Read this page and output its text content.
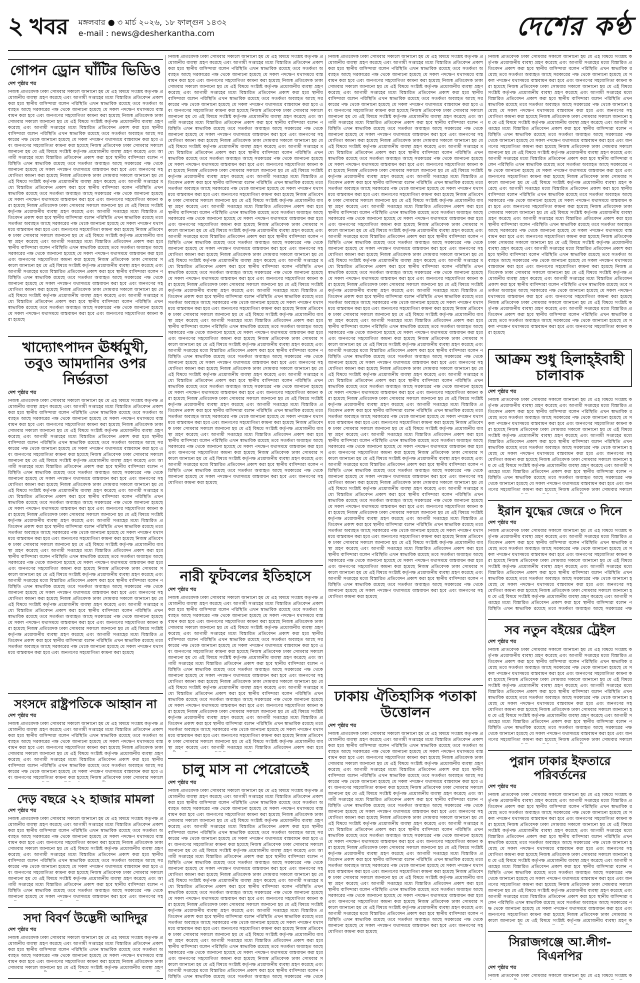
২ খবর মঙ্গলবার ● ৩ মার্চ ২০২৬, ১৮ ফাল্গুন ১৪৩২
e-mail : news@desherkantha.com	দেশের কণ্ঠ
গোপন ড্রোন ঘাঁটির ভিডিও
দেশ পৃষ্ঠার পর
নিজস্ব প্রতিবেদক ঢাকা সোমবার সকালে জানানো হয় যে এই বিষয়ে সংশ্লিষ্ট কর্তৃপক্ষ প্রয়োজনীয় ব্যবস্থা গ্রহণ করেছে এবং আগামী সপ্তাহের মধ্যে বিস্তারিত প্রতিবেদন প্রকাশ করা হবে স্থানীয় বাসিন্দারা বলেন পরিস্থিতি এখন স্বাভাবিক রয়েছে তবে সতর্কতা অব্যাহত আছে সরকারের পক্ষ থেকে জানানো হয়েছে যে সকল পদক্ষেপ যথাসময়ে বাস্তবায়ন করা হবে এবং জনগণের সহযোগিতা কামনা করা হয়েছে নিজস্ব প্রতিবেদক ঢাকা সোমবার সকালে জানানো হয় যে এই বিষয়ে সংশ্লিষ্ট কর্তৃপক্ষ প্রয়োজনীয় ব্যবস্থা গ্রহণ করেছে এবং আগামী সপ্তাহের মধ্যে বিস্তারিত প্রতিবেদন প্রকাশ করা হবে স্থানীয় বাসিন্দারা বলেন পরিস্থিতি এখন স্বাভাবিক রয়েছে তবে সতর্কতা অব্যাহত আছে সরকারের পক্ষ থেকে জানানো হয়েছে যে সকল পদক্ষেপ যথাসময়ে বাস্তবায়ন করা হবে এবং জনগণের সহযোগিতা কামনা করা হয়েছে নিজস্ব প্রতিবেদক ঢাকা সোমবার সকালে জানানো হয় যে এই বিষয়ে সংশ্লিষ্ট কর্তৃপক্ষ প্রয়োজনীয় ব্যবস্থা গ্রহণ করেছে এবং আগামী সপ্তাহের মধ্যে বিস্তারিত প্রতিবেদন প্রকাশ করা হবে স্থানীয় বাসিন্দারা বলেন পরিস্থিতি এখন স্বাভাবিক রয়েছে তবে সতর্কতা অব্যাহত আছে সরকারের পক্ষ থেকে জানানো হয়েছে যে সকল পদক্ষেপ যথাসময়ে বাস্তবায়ন করা হবে এবং জনগণের সহযোগিতা কামনা করা হয়েছে নিজস্ব প্রতিবেদক ঢাকা সোমবার সকালে জানানো হয় যে এই বিষয়ে সংশ্লিষ্ট কর্তৃপক্ষ প্রয়োজনীয় ব্যবস্থা গ্রহণ করেছে এবং আগামী সপ্তাহের মধ্যে বিস্তারিত প্রতিবেদন প্রকাশ করা হবে স্থানীয় বাসিন্দারা বলেন পরিস্থিতি এখন স্বাভাবিক রয়েছে তবে সতর্কতা অব্যাহত আছে সরকারের পক্ষ থেকে জানানো হয়েছে যে সকল পদক্ষেপ যথাসময়ে বাস্তবায়ন করা হবে এবং জনগণের সহযোগিতা কামনা করা হয়েছে নিজস্ব প্রতিবেদক ঢাকা সোমবার সকালে জানানো হয় যে এই বিষয়ে সংশ্লিষ্ট কর্তৃপক্ষ প্রয়োজনীয় ব্যবস্থা গ্রহণ করেছে এবং আগামী সপ্তাহের মধ্যে বিস্তারিত প্রতিবেদন প্রকাশ করা হবে স্থানীয় বাসিন্দারা বলেন পরিস্থিতি এখন স্বাভাবিক রয়েছে তবে সতর্কতা অব্যাহত আছে সরকারের পক্ষ থেকে জানানো হয়েছে যে সকল পদক্ষেপ যথাসময়ে বাস্তবায়ন করা হবে এবং জনগণের সহযোগিতা কামনা করা হয়েছে নিজস্ব প্রতিবেদক ঢাকা সোমবার সকালে জানানো হয় যে এই বিষয়ে সংশ্লিষ্ট কর্তৃপক্ষ প্রয়োজনীয় ব্যবস্থা গ্রহণ করেছে এবং আগামী সপ্তাহের মধ্যে বিস্তারিত প্রতিবেদন প্রকাশ করা হবে স্থানীয় বাসিন্দারা বলেন পরিস্থিতি এখন স্বাভাবিক রয়েছে তবে সতর্কতা অব্যাহত আছে সরকারের পক্ষ থেকে জানানো হয়েছে যে সকল পদক্ষেপ যথাসময়ে বাস্তবায়ন করা হবে এবং জনগণের সহযোগিতা কামনা করা হয়েছে নিজস্ব প্রতিবেদক ঢাকা সোমবার সকালে জানানো হয় যে এই বিষয়ে সংশ্লিষ্ট কর্তৃপক্ষ প্রয়োজনীয় ব্যবস্থা গ্রহণ করেছে এবং আগামী সপ্তাহের মধ্যে বিস্তারিত প্রতিবেদন প্রকাশ করা হবে স্থানীয় বাসিন্দারা বলেন পরিস্থিতি এখন স্বাভাবিক রয়েছে তবে সতর্কতা অব্যাহত আছে সরকারের পক্ষ থেকে জানানো হয়েছে যে সকল পদক্ষেপ যথাসময়ে বাস্তবায়ন করা হবে এবং জনগণের সহযোগিতা কামনা করা হয়েছে নিজস্ব প্রতিবেদক ঢাকা সোমবার সকালে জানানো হয় যে এই বিষয়ে সংশ্লিষ্ট কর্তৃপক্ষ প্রয়োজনীয় ব্যবস্থা গ্রহণ করেছে এবং আগামী সপ্তাহের মধ্যে বিস্তারিত প্রতিবেদন প্রকাশ করা হবে স্থানীয় বাসিন্দারা বলেন পরিস্থিতি এখন স্বাভাবিক রয়েছে তবে সতর্কতা অব্যাহত আছে সরকারের পক্ষ থেকে জানানো হয়েছে যে সকল পদক্ষেপ যথাসময়ে বাস্তবায়ন করা হবে এবং জনগণের সহযোগিতা কামনা করা হয়েছে
খাদ্যোৎপাদন ঊর্ধ্বমুখী, তবুও আমদানির ওপর নির্ভরতা
দেশ পৃষ্ঠার পর
নিজস্ব প্রতিবেদক ঢাকা সোমবার সকালে জানানো হয় যে এই বিষয়ে সংশ্লিষ্ট কর্তৃপক্ষ প্রয়োজনীয় ব্যবস্থা গ্রহণ করেছে এবং আগামী সপ্তাহের মধ্যে বিস্তারিত প্রতিবেদন প্রকাশ করা হবে স্থানীয় বাসিন্দারা বলেন পরিস্থিতি এখন স্বাভাবিক রয়েছে তবে সতর্কতা অব্যাহত আছে সরকারের পক্ষ থেকে জানানো হয়েছে যে সকল পদক্ষেপ যথাসময়ে বাস্তবায়ন করা হবে এবং জনগণের সহযোগিতা কামনা করা হয়েছে নিজস্ব প্রতিবেদক ঢাকা সোমবার সকালে জানানো হয় যে এই বিষয়ে সংশ্লিষ্ট কর্তৃপক্ষ প্রয়োজনীয় ব্যবস্থা গ্রহণ করেছে এবং আগামী সপ্তাহের মধ্যে বিস্তারিত প্রতিবেদন প্রকাশ করা হবে স্থানীয় বাসিন্দারা বলেন পরিস্থিতি এখন স্বাভাবিক রয়েছে তবে সতর্কতা অব্যাহত আছে সরকারের পক্ষ থেকে জানানো হয়েছে যে সকল পদক্ষেপ যথাসময়ে বাস্তবায়ন করা হবে এবং জনগণের সহযোগিতা কামনা করা হয়েছে নিজস্ব প্রতিবেদক ঢাকা সোমবার সকালে জানানো হয় যে এই বিষয়ে সংশ্লিষ্ট কর্তৃপক্ষ প্রয়োজনীয় ব্যবস্থা গ্রহণ করেছে এবং আগামী সপ্তাহের মধ্যে বিস্তারিত প্রতিবেদন প্রকাশ করা হবে স্থানীয় বাসিন্দারা বলেন পরিস্থিতি এখন স্বাভাবিক রয়েছে তবে সতর্কতা অব্যাহত আছে সরকারের পক্ষ থেকে জানানো হয়েছে যে সকল পদক্ষেপ যথাসময়ে বাস্তবায়ন করা হবে এবং জনগণের সহযোগিতা কামনা করা হয়েছে নিজস্ব প্রতিবেদক ঢাকা সোমবার সকালে জানানো হয় যে এই বিষয়ে সংশ্লিষ্ট কর্তৃপক্ষ প্রয়োজনীয় ব্যবস্থা গ্রহণ করেছে এবং আগামী সপ্তাহের মধ্যে বিস্তারিত প্রতিবেদন প্রকাশ করা হবে স্থানীয় বাসিন্দারা বলেন পরিস্থিতি এখন স্বাভাবিক রয়েছে তবে সতর্কতা অব্যাহত আছে সরকারের পক্ষ থেকে জানানো হয়েছে যে সকল পদক্ষেপ যথাসময়ে বাস্তবায়ন করা হবে এবং জনগণের সহযোগিতা কামনা করা হয়েছে নিজস্ব প্রতিবেদক ঢাকা সোমবার সকালে জানানো হয় যে এই বিষয়ে সংশ্লিষ্ট কর্তৃপক্ষ প্রয়োজনীয় ব্যবস্থা গ্রহণ করেছে এবং আগামী সপ্তাহের মধ্যে বিস্তারিত প্রতিবেদন প্রকাশ করা হবে স্থানীয় বাসিন্দারা বলেন পরিস্থিতি এখন স্বাভাবিক রয়েছে তবে সতর্কতা অব্যাহত আছে সরকারের পক্ষ থেকে জানানো হয়েছে যে সকল পদক্ষেপ যথাসময়ে বাস্তবায়ন করা হবে এবং জনগণের সহযোগিতা কামনা করা হয়েছে নিজস্ব প্রতিবেদক ঢাকা সোমবার সকালে জানানো হয় যে এই বিষয়ে সংশ্লিষ্ট কর্তৃপক্ষ প্রয়োজনীয় ব্যবস্থা গ্রহণ করেছে এবং আগামী সপ্তাহের মধ্যে বিস্তারিত প্রতিবেদন প্রকাশ করা হবে স্থানীয় বাসিন্দারা বলেন পরিস্থিতি এখন স্বাভাবিক রয়েছে তবে সতর্কতা অব্যাহত আছে সরকারের পক্ষ থেকে জানানো হয়েছে যে সকল পদক্ষেপ যথাসময়ে বাস্তবায়ন করা হবে এবং জনগণের সহযোগিতা কামনা করা হয়েছে নিজস্ব প্রতিবেদক ঢাকা সোমবার সকালে জানানো হয় যে এই বিষয়ে সংশ্লিষ্ট কর্তৃপক্ষ প্রয়োজনীয় ব্যবস্থা গ্রহণ করেছে এবং আগামী সপ্তাহের মধ্যে বিস্তারিত প্রতিবেদন প্রকাশ করা হবে স্থানীয় বাসিন্দারা বলেন পরিস্থিতি এখন স্বাভাবিক রয়েছে তবে সতর্কতা অব্যাহত আছে সরকারের পক্ষ থেকে জানানো হয়েছে যে সকল পদক্ষেপ যথাসময়ে বাস্তবায়ন করা হবে এবং জনগণের সহযোগিতা কামনা করা হয়েছে নিজস্ব প্রতিবেদক ঢাকা সোমবার সকালে জানানো হয় যে এই বিষয়ে সংশ্লিষ্ট কর্তৃপক্ষ প্রয়োজনীয় ব্যবস্থা গ্রহণ করেছে এবং আগামী সপ্তাহের মধ্যে বিস্তারিত প্রতিবেদন প্রকাশ করা হবে স্থানীয় বাসিন্দারা বলেন পরিস্থিতি এখন স্বাভাবিক রয়েছে তবে সতর্কতা অব্যাহত আছে সরকারের পক্ষ থেকে জানানো হয়েছে যে সকল পদক্ষেপ যথাসময়ে বাস্তবায়ন করা হবে এবং জনগণের সহযোগিতা কামনা করা হয়েছে নিজস্ব প্রতিবেদক ঢাকা সোমবার সকালে জানানো হয় যে এই বিষয়ে সংশ্লিষ্ট কর্তৃপক্ষ প্রয়োজনীয় ব্যবস্থা গ্রহণ করেছে এবং আগামী সপ্তাহের মধ্যে বিস্তারিত প্রতিবেদন প্রকাশ করা হবে স্থানীয় বাসিন্দারা বলেন পরিস্থিতি এখন স্বাভাবিক রয়েছে তবে সতর্কতা অব্যাহত আছে সরকারের পক্ষ থেকে জানানো হয়েছে যে সকল পদক্ষেপ যথাসময়ে বাস্তবায়ন করা হবে এবং জনগণের সহযোগিতা কামনা করা হয়েছে
সংসদে রাষ্ট্রপতিকে আহ্বান না
দেশ পৃষ্ঠার পর
নিজস্ব প্রতিবেদক ঢাকা সোমবার সকালে জানানো হয় যে এই বিষয়ে সংশ্লিষ্ট কর্তৃপক্ষ প্রয়োজনীয় ব্যবস্থা গ্রহণ করেছে এবং আগামী সপ্তাহের মধ্যে বিস্তারিত প্রতিবেদন প্রকাশ করা হবে স্থানীয় বাসিন্দারা বলেন পরিস্থিতি এখন স্বাভাবিক রয়েছে তবে সতর্কতা অব্যাহত আছে সরকারের পক্ষ থেকে জানানো হয়েছে যে সকল পদক্ষেপ যথাসময়ে বাস্তবায়ন করা হবে এবং জনগণের সহযোগিতা কামনা করা হয়েছে নিজস্ব প্রতিবেদক ঢাকা সোমবার সকালে জানানো হয় যে এই বিষয়ে সংশ্লিষ্ট কর্তৃপক্ষ প্রয়োজনীয় ব্যবস্থা গ্রহণ করেছে এবং আগামী সপ্তাহের মধ্যে বিস্তারিত প্রতিবেদন প্রকাশ করা হবে স্থানীয় বাসিন্দারা বলেন পরিস্থিতি এখন স্বাভাবিক রয়েছে তবে সতর্কতা অব্যাহত আছে সরকারের পক্ষ থেকে জানানো হয়েছে যে সকল পদক্ষেপ যথাসময়ে বাস্তবায়ন করা হবে এবং জনগণের সহযোগিতা কামনা করা হয়েছে নিজস্ব প্রতিবেদক ঢাকা সোমবার সকালে
দেড় বছরে ২২ হাজার মামলা
দেশ পৃষ্ঠার পর
নিজস্ব প্রতিবেদক ঢাকা সোমবার সকালে জানানো হয় যে এই বিষয়ে সংশ্লিষ্ট কর্তৃপক্ষ প্রয়োজনীয় ব্যবস্থা গ্রহণ করেছে এবং আগামী সপ্তাহের মধ্যে বিস্তারিত প্রতিবেদন প্রকাশ করা হবে স্থানীয় বাসিন্দারা বলেন পরিস্থিতি এখন স্বাভাবিক রয়েছে তবে সতর্কতা অব্যাহত আছে সরকারের পক্ষ থেকে জানানো হয়েছে যে সকল পদক্ষেপ যথাসময়ে বাস্তবায়ন করা হবে এবং জনগণের সহযোগিতা কামনা করা হয়েছে নিজস্ব প্রতিবেদক ঢাকা সোমবার সকালে জানানো হয় যে এই বিষয়ে সংশ্লিষ্ট কর্তৃপক্ষ প্রয়োজনীয় ব্যবস্থা গ্রহণ করেছে এবং আগামী সপ্তাহের মধ্যে বিস্তারিত প্রতিবেদন প্রকাশ করা হবে স্থানীয় বাসিন্দারা বলেন পরিস্থিতি এখন স্বাভাবিক রয়েছে তবে সতর্কতা অব্যাহত আছে সরকারের পক্ষ থেকে জানানো হয়েছে যে সকল পদক্ষেপ যথাসময়ে বাস্তবায়ন করা হবে এবং জনগণের সহযোগিতা কামনা করা হয়েছে নিজস্ব প্রতিবেদক ঢাকা সোমবার সকালে জানানো হয় যে এই বিষয়ে সংশ্লিষ্ট কর্তৃপক্ষ প্রয়োজনীয় ব্যবস্থা গ্রহণ করেছে এবং আগামী সপ্তাহের মধ্যে বিস্তারিত প্রতিবেদন প্রকাশ করা হবে স্থানীয় বাসিন্দারা বলেন পরিস্থিতি এখন স্বাভাবিক রয়েছে তবে সতর্কতা অব্যাহত আছে সরকারের পক্ষ থেকে জানানো হয়েছে যে সকল পদক্ষেপ যথাসময়ে বাস্তবায়ন করা হবে এবং জনগণের সহ
সদা বিবর্ণ উদ্ভেদী আদিদুর
দেশ পৃষ্ঠার পর
নিজস্ব প্রতিবেদক ঢাকা সোমবার সকালে জানানো হয় যে এই বিষয়ে সংশ্লিষ্ট কর্তৃপক্ষ প্রয়োজনীয় ব্যবস্থা গ্রহণ করেছে এবং আগামী সপ্তাহের মধ্যে বিস্তারিত প্রতিবেদন প্রকাশ করা হবে স্থানীয় বাসিন্দারা বলেন পরিস্থিতি এখন স্বাভাবিক রয়েছে তবে সতর্কতা অব্যাহত আছে সরকারের পক্ষ থেকে জানানো হয়েছে যে সকল পদক্ষেপ যথাসময়ে বাস্তবায়ন করা হবে এবং জনগণের সহযোগিতা কামনা করা হয়েছে নিজস্ব প্রতিবেদক ঢাকা সোমবার সকালে জানানো হয় যে এই বিষয়ে সংশ্লিষ্ট কর্তৃপক্ষ প্রয়োজনীয় ব্যবস্থা গ্রহণ
নিজস্ব প্রতিবেদক ঢাকা সোমবার সকালে জানানো হয় যে এই বিষয়ে সংশ্লিষ্ট কর্তৃপক্ষ প্রয়োজনীয় ব্যবস্থা গ্রহণ করেছে এবং আগামী সপ্তাহের মধ্যে বিস্তারিত প্রতিবেদন প্রকাশ করা হবে স্থানীয় বাসিন্দারা বলেন পরিস্থিতি এখন স্বাভাবিক রয়েছে তবে সতর্কতা অব্যাহত আছে সরকারের পক্ষ থেকে জানানো হয়েছে যে সকল পদক্ষেপ যথাসময়ে বাস্তবায়ন করা হবে এবং জনগণের সহযোগিতা কামনা করা হয়েছে নিজস্ব প্রতিবেদক ঢাকা সোমবার সকালে জানানো হয় যে এই বিষয়ে সংশ্লিষ্ট কর্তৃপক্ষ প্রয়োজনীয় ব্যবস্থা গ্রহণ করেছে এবং আগামী সপ্তাহের মধ্যে বিস্তারিত প্রতিবেদন প্রকাশ করা হবে স্থানীয় বাসিন্দারা বলেন পরিস্থিতি এখন স্বাভাবিক রয়েছে তবে সতর্কতা অব্যাহত আছে সরকারের পক্ষ থেকে জানানো হয়েছে যে সকল পদক্ষেপ যথাসময়ে বাস্তবায়ন করা হবে এবং জনগণের সহযোগিতা কামনা করা হয়েছে নিজস্ব প্রতিবেদক ঢাকা সোমবার সকালে জানানো হয় যে এই বিষয়ে সংশ্লিষ্ট কর্তৃপক্ষ প্রয়োজনীয় ব্যবস্থা গ্রহণ করেছে এবং আগামী সপ্তাহের মধ্যে বিস্তারিত প্রতিবেদন প্রকাশ করা হবে স্থানীয় বাসিন্দারা বলেন পরিস্থিতি এখন স্বাভাবিক রয়েছে তবে সতর্কতা অব্যাহত আছে সরকারের পক্ষ থেকে জানানো হয়েছে যে সকল পদক্ষেপ যথাসময়ে বাস্তবায়ন করা হবে এবং জনগণের সহযোগিতা কামনা করা হয়েছে নিজস্ব প্রতিবেদক ঢাকা সোমবার সকালে জানানো হয় যে এই বিষয়ে সংশ্লিষ্ট কর্তৃপক্ষ প্রয়োজনীয় ব্যবস্থা গ্রহণ করেছে এবং আগামী সপ্তাহের মধ্যে বিস্তারিত প্রতিবেদন প্রকাশ করা হবে স্থানীয় বাসিন্দারা বলেন পরিস্থিতি এখন স্বাভাবিক রয়েছে তবে সতর্কতা অব্যাহত আছে সরকারের পক্ষ থেকে জানানো হয়েছে যে সকল পদক্ষেপ যথাসময়ে বাস্তবায়ন করা হবে এবং জনগণের সহযোগিতা কামনা করা হয়েছে নিজস্ব প্রতিবেদক ঢাকা সোমবার সকালে জানানো হয় যে এই বিষয়ে সংশ্লিষ্ট কর্তৃপক্ষ প্রয়োজনীয় ব্যবস্থা গ্রহণ করেছে এবং আগামী সপ্তাহের মধ্যে বিস্তারিত প্রতিবেদন প্রকাশ করা হবে স্থানীয় বাসিন্দারা বলেন পরিস্থিতি এখন স্বাভাবিক রয়েছে তবে সতর্কতা অব্যাহত আছে সরকারের পক্ষ থেকে জানানো হয়েছে যে সকল পদক্ষেপ যথাসময়ে বাস্তবায়ন করা হবে এবং জনগণের সহযোগিতা কামনা করা হয়েছে নিজস্ব প্রতিবেদক ঢাকা সোমবার সকালে জানানো হয় যে এই বিষয়ে সংশ্লিষ্ট কর্তৃপক্ষ প্রয়োজনীয় ব্যবস্থা গ্রহণ করেছে এবং আগামী সপ্তাহের মধ্যে বিস্তারিত প্রতিবেদন প্রকাশ করা হবে স্থানীয় বাসিন্দারা বলেন পরিস্থিতি এখন স্বাভাবিক রয়েছে তবে সতর্কতা অব্যাহত আছে সরকারের পক্ষ থেকে জানানো হয়েছে যে সকল পদক্ষেপ যথাসময়ে বাস্তবায়ন করা হবে এবং জনগণের সহযোগিতা কামনা করা হয়েছে নিজস্ব প্রতিবেদক ঢাকা সোমবার সকালে জানানো হয় যে এই বিষয়ে সংশ্লিষ্ট কর্তৃপক্ষ প্রয়োজনীয় ব্যবস্থা গ্রহণ করেছে এবং আগামী সপ্তাহের মধ্যে বিস্তারিত প্রতিবেদন প্রকাশ করা হবে স্থানীয় বাসিন্দারা বলেন পরিস্থিতি এখন স্বাভাবিক রয়েছে তবে সতর্কতা অব্যাহত আছে সরকারের পক্ষ থেকে জানানো হয়েছে যে সকল পদক্ষেপ যথাসময়ে বাস্তবায়ন করা হবে এবং জনগণের সহযোগিতা কামনা করা হয়েছে নিজস্ব প্রতিবেদক ঢাকা সোমবার সকালে জানানো হয় যে এই বিষয়ে সংশ্লিষ্ট কর্তৃপক্ষ প্রয়োজনীয় ব্যবস্থা গ্রহণ করেছে এবং আগামী সপ্তাহের মধ্যে বিস্তারিত প্রতিবেদন প্রকাশ করা হবে স্থানীয় বাসিন্দারা বলেন পরিস্থিতি এখন স্বাভাবিক রয়েছে তবে সতর্কতা অব্যাহত আছে সরকারের পক্ষ থেকে জানানো হয়েছে যে সকল পদক্ষেপ যথাসময়ে বাস্তবায়ন করা হবে এবং জনগণের সহযোগিতা কামনা করা হয়েছে নিজস্ব প্রতিবেদক ঢাকা সোমবার সকালে জানানো হয় যে এই বিষয়ে সংশ্লিষ্ট কর্তৃপক্ষ প্রয়োজনীয় ব্যবস্থা গ্রহণ করেছে এবং আগামী সপ্তাহের মধ্যে বিস্তারিত প্রতিবেদন প্রকাশ করা হবে স্থানীয় বাসিন্দারা বলেন পরিস্থিতি এখন স্বাভাবিক রয়েছে তবে সতর্কতা অব্যাহত আছে সরকারের পক্ষ থেকে জানানো হয়েছে যে সকল পদক্ষেপ যথাসময়ে বাস্তবায়ন করা হবে এবং জনগণের সহযোগিতা কামনা করা হয়েছে নিজস্ব প্রতিবেদক ঢাকা সোমবার সকালে জানানো হয় যে এই বিষয়ে সংশ্লিষ্ট কর্তৃপক্ষ প্রয়োজনীয় ব্যবস্থা গ্রহণ করেছে এবং আগামী সপ্তাহের মধ্যে বিস্তারিত প্রতিবেদন প্রকাশ করা হবে স্থানীয় বাসিন্দারা বলেন পরিস্থিতি এখন স্বাভাবিক রয়েছে তবে সতর্কতা অব্যাহত আছে সরকারের পক্ষ থেকে জানানো হয়েছে যে সকল পদক্ষেপ যথাসময়ে বাস্তবায়ন করা হবে এবং জনগণের সহযোগিতা কামনা করা হয়েছে নিজস্ব প্রতিবেদক ঢাকা সোমবার সকালে জানানো হয় যে এই বিষয়ে সংশ্লিষ্ট কর্তৃপক্ষ প্রয়োজনীয় ব্যবস্থা গ্রহণ করেছে এবং আগামী সপ্তাহের মধ্যে বিস্তারিত প্রতিবেদন প্রকাশ করা হবে স্থানীয় বাসিন্দারা বলেন পরিস্থিতি এখন স্বাভাবিক রয়েছে তবে সতর্কতা অব্যাহত আছে সরকারের পক্ষ থেকে জানানো হয়েছে যে সকল পদক্ষেপ যথাসময়ে বাস্তবায়ন করা হবে এবং জনগণের সহযোগিতা কামনা করা হয়েছে নিজস্ব প্রতিবেদক ঢাকা সোমবার সকালে জানানো হয় যে এই বিষয়ে সংশ্লিষ্ট কর্তৃপক্ষ প্রয়োজনীয় ব্যবস্থা গ্রহণ করেছে এবং আগামী সপ্তাহের মধ্যে বিস্তারিত প্রতিবেদন প্রকাশ করা হবে স্থানীয় বাসিন্দারা বলেন পরিস্থিতি এখন স্বাভাবিক রয়েছে তবে সতর্কতা অব্যাহত আছে সরকারের পক্ষ থেকে জানানো হয়েছে যে সকল পদক্ষেপ যথাসময়ে বাস্তবায়ন করা হবে এবং জনগণের সহযোগিতা কামনা করা হয়েছে নিজস্ব প্রতিবেদক ঢাকা সোমবার সকালে জানানো হয় যে এই বিষয়ে সংশ্লিষ্ট কর্তৃপক্ষ প্রয়োজনীয় ব্যবস্থা গ্রহণ করেছে এবং আগামী সপ্তাহের মধ্যে বিস্তারিত প্রতিবেদন প্রকাশ করা হবে স্থানীয় বাসিন্দারা বলেন পরিস্থিতি এখন স্বাভাবিক রয়েছে তবে সতর্কতা অব্যাহত আছে সরকারের পক্ষ থেকে জানানো হয়েছে যে সকল পদক্ষেপ যথাসময়ে বাস্তবায়ন করা হবে এবং জনগণের সহযোগিতা কামনা করা হয়েছে নিজস্ব প্রতিবেদক ঢাকা সোমবার সকালে জানানো হয় যে এই বিষয়ে সংশ্লিষ্ট কর্তৃপক্ষ প্রয়োজনীয় ব্যবস্থা গ্রহণ করেছে এবং আগামী সপ্তাহের মধ্যে বিস্তারিত প্রতিবেদন প্রকাশ করা হবে স্থানীয় বাসিন্দারা বলেন পরিস্থিতি এখন স্বাভাবিক রয়েছে তবে সতর্কতা অব্যাহত আছে সরকারের পক্ষ থেকে জানানো হয়েছে যে সকল পদক্ষেপ যথাসময়ে বাস্তবায়ন করা হবে এবং জনগণের সহযোগিতা কামনা করা হয়েছে নিজস্ব প্রতিবেদক ঢাকা সোমবার সকালে জানানো হয় যে এই বিষয়ে সংশ্লিষ্ট কর্তৃপক্ষ প্রয়োজনীয় ব্যবস্থা গ্রহণ করেছে এবং আগামী সপ্তাহের মধ্যে বিস্তারিত প্রতিবেদন প্রকাশ করা হবে স্থানীয় বাসিন্দারা বলেন পরিস্থিতি এখন স্বাভাবিক রয়েছে তবে সতর্কতা অব্যাহত আছে সরকারের পক্ষ থেকে জানানো হয়েছে যে সকল পদক্ষেপ যথাসময়ে বাস্তবায়ন করা হবে এবং জনগণের সহযোগিতা কামনা করা হয়েছে
নারী ফুটবলের ইতিহাসে
দেশ পৃষ্ঠার পর
নিজস্ব প্রতিবেদক ঢাকা সোমবার সকালে জানানো হয় যে এই বিষয়ে সংশ্লিষ্ট কর্তৃপক্ষ প্রয়োজনীয় ব্যবস্থা গ্রহণ করেছে এবং আগামী সপ্তাহের মধ্যে বিস্তারিত প্রতিবেদন প্রকাশ করা হবে স্থানীয় বাসিন্দারা বলেন পরিস্থিতি এখন স্বাভাবিক রয়েছে তবে সতর্কতা অব্যাহত আছে সরকারের পক্ষ থেকে জানানো হয়েছে যে সকল পদক্ষেপ যথাসময়ে বাস্তবায়ন করা হবে এবং জনগণের সহযোগিতা কামনা করা হয়েছে নিজস্ব প্রতিবেদক ঢাকা সোমবার সকালে জানানো হয় যে এই বিষয়ে সংশ্লিষ্ট কর্তৃপক্ষ প্রয়োজনীয় ব্যবস্থা গ্রহণ করেছে এবং আগামী সপ্তাহের মধ্যে বিস্তারিত প্রতিবেদন প্রকাশ করা হবে স্থানীয় বাসিন্দারা বলেন পরিস্থিতি এখন স্বাভাবিক রয়েছে তবে সতর্কতা অব্যাহত আছে সরকারের পক্ষ থেকে জানানো হয়েছে যে সকল পদক্ষেপ যথাসময়ে বাস্তবায়ন করা হবে এবং জনগণের সহযোগিতা কামনা করা হয়েছে নিজস্ব প্রতিবেদক ঢাকা সোমবার সকালে জানানো হয় যে এই বিষয়ে সংশ্লিষ্ট কর্তৃপক্ষ প্রয়োজনীয় ব্যবস্থা গ্রহণ করেছে এবং আগামী সপ্তাহের মধ্যে বিস্তারিত প্রতিবেদন প্রকাশ করা হবে স্থানীয় বাসিন্দারা বলেন পরিস্থিতি এখন স্বাভাবিক রয়েছে তবে সতর্কতা অব্যাহত আছে সরকারের পক্ষ থেকে জানানো হয়েছে যে সকল পদক্ষেপ যথাসময়ে বাস্তবায়ন করা হবে এবং জনগণের সহযোগিতা কামনা করা হয়েছে নিজস্ব প্রতিবেদক ঢাকা সোমবার সকালে জানানো হয় যে এই বিষয়ে সংশ্লিষ্ট কর্তৃপক্ষ প্রয়োজনীয় ব্যবস্থা গ্রহণ করেছে এবং আগামী সপ্তাহের মধ্যে বিস্তারিত প্রতিবেদন প্রকাশ করা হবে স্থানীয় বাসিন্দারা বলেন পরিস্থিতি এখন স্বাভাবিক রয়েছে তবে সতর্কতা অব্যাহত আছে সরকারের পক্ষ থেকে জানানো হয়েছে যে সকল পদক্ষেপ যথাসময়ে বাস্তবায়ন করা হবে এবং জনগণের সহযোগিতা কামনা করা হয়েছে নিজস্ব প্রতিবেদক ঢাকা সোমবার সকালে জানানো হয় যে এই বিষয়ে সংশ্লিষ্ট কর্তৃপক্ষ প্রয়োজনীয় ব্যবস্থা গ্রহণ করেছে এবং আগামী সপ্তাহের মধ্যে বিস্তারিত প্রতিবেদন প্রকাশ করা হবে স্থানীয় বাসিন্দারা বলেন পরিস্থিতি এখন স্বাভাবিক রয়েছে তবে সতর্কতা অব্যাহত আছে সরকারের পক্ষ থেকে জানানো হয়েছে যে সকল পদক্ষেপ যথাসময়ে বাস্তবায়ন করা হবে এবং জনগণের সহযোগিতা কামনা করা হয়েছে নিজস্ব প্রতিবেদক ঢাকা সোমবার সকালে জানানো হয় যে এই বিষয়ে সংশ্লিষ্ট কর্তৃপক্ষ প্রয়োজনীয় ব্যবস্থা গ্রহণ করেছে এবং আগামী সপ্তাহের মধ্যে বিস্তারিত প্রতিবেদন প্রকাশ করা হবে
চালু মাস না পেরোতেই
দেশ পৃষ্ঠার পর
নিজস্ব প্রতিবেদক ঢাকা সোমবার সকালে জানানো হয় যে এই বিষয়ে সংশ্লিষ্ট কর্তৃপক্ষ প্রয়োজনীয় ব্যবস্থা গ্রহণ করেছে এবং আগামী সপ্তাহের মধ্যে বিস্তারিত প্রতিবেদন প্রকাশ করা হবে স্থানীয় বাসিন্দারা বলেন পরিস্থিতি এখন স্বাভাবিক রয়েছে তবে সতর্কতা অব্যাহত আছে সরকারের পক্ষ থেকে জানানো হয়েছে যে সকল পদক্ষেপ যথাসময়ে বাস্তবায়ন করা হবে এবং জনগণের সহযোগিতা কামনা করা হয়েছে নিজস্ব প্রতিবেদক ঢাকা সোমবার সকালে জানানো হয় যে এই বিষয়ে সংশ্লিষ্ট কর্তৃপক্ষ প্রয়োজনীয় ব্যবস্থা গ্রহণ করেছে এবং আগামী সপ্তাহের মধ্যে বিস্তারিত প্রতিবেদন প্রকাশ করা হবে স্থানীয় বাসিন্দারা বলেন পরিস্থিতি এখন স্বাভাবিক রয়েছে তবে সতর্কতা অব্যাহত আছে সরকারের পক্ষ থেকে জানানো হয়েছে যে সকল পদক্ষেপ যথাসময়ে বাস্তবায়ন করা হবে এবং জনগণের সহযোগিতা কামনা করা হয়েছে নিজস্ব প্রতিবেদক ঢাকা সোমবার সকালে জানানো হয় যে এই বিষয়ে সংশ্লিষ্ট কর্তৃপক্ষ প্রয়োজনীয় ব্যবস্থা গ্রহণ করেছে এবং আগামী সপ্তাহের মধ্যে বিস্তারিত প্রতিবেদন প্রকাশ করা হবে স্থানীয় বাসিন্দারা বলেন পরিস্থিতি এখন স্বাভাবিক রয়েছে তবে সতর্কতা অব্যাহত আছে সরকারের পক্ষ থেকে জানানো হয়েছে যে সকল পদক্ষেপ যথাসময়ে বাস্তবায়ন করা হবে এবং জনগণের সহযোগিতা কামনা করা হয়েছে নিজস্ব প্রতিবেদক ঢাকা সোমবার সকালে জানানো হয় যে এই বিষয়ে সংশ্লিষ্ট কর্তৃপক্ষ প্রয়োজনীয় ব্যবস্থা গ্রহণ করেছে এবং আগামী সপ্তাহের মধ্যে বিস্তারিত প্রতিবেদন প্রকাশ করা হবে স্থানীয় বাসিন্দারা বলেন পরিস্থিতি এখন স্বাভাবিক রয়েছে তবে সতর্কতা অব্যাহত আছে সরকারের পক্ষ থেকে জানানো হয়েছে যে সকল পদক্ষেপ যথাসময়ে বাস্তবায়ন করা হবে এবং জনগণের সহযোগিতা কামনা করা হয়েছে নিজস্ব প্রতিবেদক ঢাকা সোমবার সকালে জানানো হয় যে এই বিষয়ে সংশ্লিষ্ট কর্তৃপক্ষ প্রয়োজনীয় ব্যবস্থা গ্রহণ করেছে এবং আগামী সপ্তাহের মধ্যে বিস্তারিত প্রতিবেদন প্রকাশ করা হবে স্থানীয় বাসিন্দারা বলেন পরিস্থিতি এখন স্বাভাবিক রয়েছে তবে সতর্কতা অব্যাহত আছে সরকারের পক্ষ থেকে জানানো হয়েছে যে সকল পদক্ষেপ যথাসময়ে বাস্তবায়ন করা হবে এবং জনগণের সহযোগিতা কামনা করা হয়েছে নিজস্ব প্রতিবেদক ঢাকা সোমবার সকালে জানানো হয় যে এই বিষয়ে সংশ্লিষ্ট কর্তৃপক্ষ প্রয়োজনীয় ব্যবস্থা গ্রহণ করেছে এবং আগামী সপ্তাহের মধ্যে বিস্তারিত প্রতিবেদন প্রকাশ করা হবে স্থানীয় বাসিন্দারা বলেন পরিস্থিতি এখন স্বাভাবিক রয়েছে তবে সতর্কতা অব্যাহত আছে সরকারের পক্ষ থেকে জানানো হয়েছে যে সকল পদক্ষেপ যথাসময়ে বাস্তবায়ন করা হবে এবং জনগণের সহযোগিতা কামনা করা হয়েছে নিজস্ব প্রতিবেদক ঢাকা সোমবার সকালে জানানো হয় যে এই বিষয়ে সংশ্লিষ্ট কর্তৃপক্ষ প্রয়োজনীয় ব্যবস্থা গ্রহণ করেছে এবং আগামী সপ্তাহের মধ্যে বিস্তারিত প্রতিবেদন প্রকাশ করা হবে স্থানীয় বাসিন্দারা বলেন পরিস্থিতি এখন স্বাভাবিক রয়েছে তবে সতর্কতা অব্যাহত আছে সরকারের পক্ষ থেকে
নিজস্ব প্রতিবেদক ঢাকা সোমবার সকালে জানানো হয় যে এই বিষয়ে সংশ্লিষ্ট কর্তৃপক্ষ প্রয়োজনীয় ব্যবস্থা গ্রহণ করেছে এবং আগামী সপ্তাহের মধ্যে বিস্তারিত প্রতিবেদন প্রকাশ করা হবে স্থানীয় বাসিন্দারা বলেন পরিস্থিতি এখন স্বাভাবিক রয়েছে তবে সতর্কতা অব্যাহত আছে সরকারের পক্ষ থেকে জানানো হয়েছে যে সকল পদক্ষেপ যথাসময়ে বাস্তবায়ন করা হবে এবং জনগণের সহযোগিতা কামনা করা হয়েছে নিজস্ব প্রতিবেদক ঢাকা সোমবার সকালে জানানো হয় যে এই বিষয়ে সংশ্লিষ্ট কর্তৃপক্ষ প্রয়োজনীয় ব্যবস্থা গ্রহণ করেছে এবং আগামী সপ্তাহের মধ্যে বিস্তারিত প্রতিবেদন প্রকাশ করা হবে স্থানীয় বাসিন্দারা বলেন পরিস্থিতি এখন স্বাভাবিক রয়েছে তবে সতর্কতা অব্যাহত আছে সরকারের পক্ষ থেকে জানানো হয়েছে যে সকল পদক্ষেপ যথাসময়ে বাস্তবায়ন করা হবে এবং জনগণের সহযোগিতা কামনা করা হয়েছে নিজস্ব প্রতিবেদক ঢাকা সোমবার সকালে জানানো হয় যে এই বিষয়ে সংশ্লিষ্ট কর্তৃপক্ষ প্রয়োজনীয় ব্যবস্থা গ্রহণ করেছে এবং আগামী সপ্তাহের মধ্যে বিস্তারিত প্রতিবেদন প্রকাশ করা হবে স্থানীয় বাসিন্দারা বলেন পরিস্থিতি এখন স্বাভাবিক রয়েছে তবে সতর্কতা অব্যাহত আছে সরকারের পক্ষ থেকে জানানো হয়েছে যে সকল পদক্ষেপ যথাসময়ে বাস্তবায়ন করা হবে এবং জনগণের সহযোগিতা কামনা করা হয়েছে নিজস্ব প্রতিবেদক ঢাকা সোমবার সকালে জানানো হয় যে এই বিষয়ে সংশ্লিষ্ট কর্তৃপক্ষ প্রয়োজনীয় ব্যবস্থা গ্রহণ করেছে এবং আগামী সপ্তাহের মধ্যে বিস্তারিত প্রতিবেদন প্রকাশ করা হবে স্থানীয় বাসিন্দারা বলেন পরিস্থিতি এখন স্বাভাবিক রয়েছে তবে সতর্কতা অব্যাহত আছে সরকারের পক্ষ থেকে জানানো হয়েছে যে সকল পদক্ষেপ যথাসময়ে বাস্তবায়ন করা হবে এবং জনগণের সহযোগিতা কামনা করা হয়েছে নিজস্ব প্রতিবেদক ঢাকা সোমবার সকালে জানানো হয় যে এই বিষয়ে সংশ্লিষ্ট কর্তৃপক্ষ প্রয়োজনীয় ব্যবস্থা গ্রহণ করেছে এবং আগামী সপ্তাহের মধ্যে বিস্তারিত প্রতিবেদন প্রকাশ করা হবে স্থানীয় বাসিন্দারা বলেন পরিস্থিতি এখন স্বাভাবিক রয়েছে তবে সতর্কতা অব্যাহত আছে সরকারের পক্ষ থেকে জানানো হয়েছে যে সকল পদক্ষেপ যথাসময়ে বাস্তবায়ন করা হবে এবং জনগণের সহযোগিতা কামনা করা হয়েছে নিজস্ব প্রতিবেদক ঢাকা সোমবার সকালে জানানো হয় যে এই বিষয়ে সংশ্লিষ্ট কর্তৃপক্ষ প্রয়োজনীয় ব্যবস্থা গ্রহণ করেছে এবং আগামী সপ্তাহের মধ্যে বিস্তারিত প্রতিবেদন প্রকাশ করা হবে স্থানীয় বাসিন্দারা বলেন পরিস্থিতি এখন স্বাভাবিক রয়েছে তবে সতর্কতা অব্যাহত আছে সরকারের পক্ষ থেকে জানানো হয়েছে যে সকল পদক্ষেপ যথাসময়ে বাস্তবায়ন করা হবে এবং জনগণের সহযোগিতা কামনা করা হয়েছে নিজস্ব প্রতিবেদক ঢাকা সোমবার সকালে জানানো হয় যে এই বিষয়ে সংশ্লিষ্ট কর্তৃপক্ষ প্রয়োজনীয় ব্যবস্থা গ্রহণ করেছে এবং আগামী সপ্তাহের মধ্যে বিস্তারিত প্রতিবেদন প্রকাশ করা হবে স্থানীয় বাসিন্দারা বলেন পরিস্থিতি এখন স্বাভাবিক রয়েছে তবে সতর্কতা অব্যাহত আছে সরকারের পক্ষ থেকে জানানো হয়েছে যে সকল পদক্ষেপ যথাসময়ে বাস্তবায়ন করা হবে এবং জনগণের সহযোগিতা কামনা করা হয়েছে নিজস্ব প্রতিবেদক ঢাকা সোমবার সকালে জানানো হয় যে এই বিষয়ে সংশ্লিষ্ট কর্তৃপক্ষ প্রয়োজনীয় ব্যবস্থা গ্রহণ করেছে এবং আগামী সপ্তাহের মধ্যে বিস্তারিত প্রতিবেদন প্রকাশ করা হবে স্থানীয় বাসিন্দারা বলেন পরিস্থিতি এখন স্বাভাবিক রয়েছে তবে সতর্কতা অব্যাহত আছে সরকারের পক্ষ থেকে জানানো হয়েছে যে সকল পদক্ষেপ যথাসময়ে বাস্তবায়ন করা হবে এবং জনগণের সহযোগিতা কামনা করা হয়েছে নিজস্ব প্রতিবেদক ঢাকা সোমবার সকালে জানানো হয় যে এই বিষয়ে সংশ্লিষ্ট কর্তৃপক্ষ প্রয়োজনীয় ব্যবস্থা গ্রহণ করেছে এবং আগামী সপ্তাহের মধ্যে বিস্তারিত প্রতিবেদন প্রকাশ করা হবে স্থানীয় বাসিন্দারা বলেন পরিস্থিতি এখন স্বাভাবিক রয়েছে তবে সতর্কতা অব্যাহত আছে সরকারের পক্ষ থেকে জানানো হয়েছে যে সকল পদক্ষেপ যথাসময়ে বাস্তবায়ন করা হবে এবং জনগণের সহযোগিতা কামনা করা হয়েছে নিজস্ব প্রতিবেদক ঢাকা সোমবার সকালে জানানো হয় যে এই বিষয়ে সংশ্লিষ্ট কর্তৃপক্ষ প্রয়োজনীয় ব্যবস্থা গ্রহণ করেছে এবং আগামী সপ্তাহের মধ্যে বিস্তারিত প্রতিবেদন প্রকাশ করা হবে স্থানীয় বাসিন্দারা বলেন পরিস্থিতি এখন স্বাভাবিক রয়েছে তবে সতর্কতা অব্যাহত আছে সরকারের পক্ষ থেকে জানানো হয়েছে যে সকল পদক্ষেপ যথাসময়ে বাস্তবায়ন করা হবে এবং জনগণের সহযোগিতা কামনা করা হয়েছে নিজস্ব প্রতিবেদক ঢাকা সোমবার সকালে জানানো হয় যে এই বিষয়ে সংশ্লিষ্ট কর্তৃপক্ষ প্রয়োজনীয় ব্যবস্থা গ্রহণ করেছে এবং আগামী সপ্তাহের মধ্যে বিস্তারিত প্রতিবেদন প্রকাশ করা হবে স্থানীয় বাসিন্দারা বলেন পরিস্থিতি এখন স্বাভাবিক রয়েছে তবে সতর্কতা অব্যাহত আছে সরকারের পক্ষ থেকে জানানো হয়েছে যে সকল পদক্ষেপ যথাসময়ে বাস্তবায়ন করা হবে এবং জনগণের সহযোগিতা কামনা করা হয়েছে নিজস্ব প্রতিবেদক ঢাকা সোমবার সকালে জানানো হয় যে এই বিষয়ে সংশ্লিষ্ট কর্তৃপক্ষ প্রয়োজনীয় ব্যবস্থা গ্রহণ করেছে এবং আগামী সপ্তাহের মধ্যে বিস্তারিত প্রতিবেদন প্রকাশ করা হবে স্থানীয় বাসিন্দারা বলেন পরিস্থিতি এখন স্বাভাবিক রয়েছে তবে সতর্কতা অব্যাহত আছে সরকারের পক্ষ থেকে জানানো হয়েছে যে সকল পদক্ষেপ যথাসময়ে বাস্তবায়ন করা হবে এবং জনগণের সহযোগিতা কামনা করা হয়েছে নিজস্ব প্রতিবেদক ঢাকা সোমবার সকালে জানানো হয় যে এই বিষয়ে সংশ্লিষ্ট কর্তৃপক্ষ প্রয়োজনীয় ব্যবস্থা গ্রহণ করেছে এবং আগামী সপ্তাহের মধ্যে বিস্তারিত প্রতিবেদন প্রকাশ করা হবে স্থানীয় বাসিন্দারা বলেন পরিস্থিতি এখন স্বাভাবিক রয়েছে তবে সতর্কতা অব্যাহত আছে সরকারের পক্ষ থেকে জানানো হয়েছে যে সকল পদক্ষেপ যথাসময়ে বাস্তবায়ন করা হবে এবং জনগণের সহযোগিতা কামনা করা হয়েছে নিজস্ব প্রতিবেদক ঢাকা সোমবার সকালে জানানো হয় যে এই বিষয়ে সংশ্লিষ্ট কর্তৃপক্ষ প্রয়োজনীয় ব্যবস্থা গ্রহণ করেছে এবং আগামী সপ্তাহের মধ্যে বিস্তারিত প্রতিবেদন প্রকাশ করা হবে স্থানীয় বাসিন্দারা বলেন পরিস্থিতি এখন স্বাভাবিক রয়েছে তবে সতর্কতা অব্যাহত আছে সরকারের পক্ষ থেকে জানানো হয়েছে যে সকল পদক্ষেপ যথাসময়ে বাস্তবায়ন করা হবে এবং জনগণের সহযোগিতা কামনা করা হয়েছে নিজস্ব প্রতিবেদক ঢাকা সোমবার সকালে জানানো হয় যে এই বিষয়ে সংশ্লিষ্ট কর্তৃপক্ষ প্রয়োজনীয় ব্যবস্থা গ্রহণ করেছে এবং আগামী সপ্তাহের মধ্যে বিস্তারিত প্রতিবেদন প্রকাশ করা হবে স্থানীয় বাসিন্দারা বলেন পরিস্থিতি এখন স্বাভাবিক রয়েছে তবে সতর্কতা অব্যাহত আছে সরকারের পক্ষ থেকে জানানো হয়েছে যে সকল পদক্ষেপ যথাসময়ে বাস্তবায়ন করা হবে এবং জনগণের সহযোগিতা কামনা করা হয়েছে নিজস্ব প্রতিবেদক ঢাকা সোমবার সকালে জানানো হয় যে এই বিষয়ে সংশ্লিষ্ট কর্তৃপক্ষ প্রয়োজনীয় ব্যবস্থা গ্রহণ করেছে এবং আগামী সপ্তাহের মধ্যে বিস্তারিত প্রতিবেদন প্রকাশ করা হবে স্থানীয় বাসিন্দারা বলেন পরিস্থিতি এখন স্বাভাবিক রয়েছে তবে সতর্কতা অব্যাহত আছে সরকারের পক্ষ থেকে জানানো হয়েছে যে সকল পদক্ষেপ যথাসময়ে বাস্তবায়ন করা হবে এবং জনগণের সহযোগিতা কামনা করা হয়েছে নিজস্ব প্রতিবেদক ঢাকা সোমবার সকালে জানানো হয় যে এই বিষয়ে সংশ্লিষ্ট কর্তৃপক্ষ প্রয়োজনীয় ব্যবস্থা গ্রহণ করেছে এবং আগামী সপ্তাহের মধ্যে বিস্তারিত প্রতিবেদন প্রকাশ করা হবে স্থানীয় বাসিন্দারা বলেন পরিস্থিতি এখন স্বাভাবিক রয়েছে তবে সতর্কতা অব্যাহত আছে সরকারের পক্ষ থেকে জানানো হয়েছে যে সকল পদক্ষেপ যথাসময়ে বাস্তবায়ন করা হবে এবং জনগণের সহযোগিতা কামনা করা হয়েছে নিজস্ব প্রতিবেদক ঢাকা সোমবার সকালে জানানো হয় যে এই বিষয়ে সংশ্লিষ্ট কর্তৃপক্ষ প্রয়োজনীয় ব্যবস্থা গ্রহণ করেছে এবং আগামী সপ্তাহের মধ্যে বিস্তারিত প্রতিবেদন প্রকাশ করা হবে স্থানীয় বাসিন্দারা বলেন পরিস্থিতি এখন স্বাভাবিক রয়েছে তবে সতর্কতা অব্যাহত আছে সরকারের পক্ষ থেকে জানানো হয়েছে যে সকল পদক্ষেপ যথাসময়ে বাস্তবায়ন করা হবে এবং জনগণের সহযোগিতা কামনা করা হয়েছে নিজস্ব প্রতিবেদক ঢাকা সোমবার সকালে জানানো হয় যে এই বিষয়ে সংশ্লিষ্ট কর্তৃপক্ষ প্রয়োজনীয় ব্যবস্থা গ্রহণ করেছে এবং আগামী সপ্তাহের মধ্যে বিস্তারিত প্রতিবেদন প্রকাশ করা হবে স্থানীয় বাসিন্দারা বলেন পরিস্থিতি এখন স্বাভাবিক রয়েছে তবে সতর্কতা অব্যাহত আছে সরকারের পক্ষ থেকে জানানো হয়েছে যে সকল পদক্ষেপ যথাসময়ে বাস্তবায়ন করা হবে এবং জনগণের সহযোগিতা কামনা করা হয়েছে
ঢাকায় ঐতিহাসিক পতাকা উত্তোলন
দেশ পৃষ্ঠার পর
নিজস্ব প্রতিবেদক ঢাকা সোমবার সকালে জানানো হয় যে এই বিষয়ে সংশ্লিষ্ট কর্তৃপক্ষ প্রয়োজনীয় ব্যবস্থা গ্রহণ করেছে এবং আগামী সপ্তাহের মধ্যে বিস্তারিত প্রতিবেদন প্রকাশ করা হবে স্থানীয় বাসিন্দারা বলেন পরিস্থিতি এখন স্বাভাবিক রয়েছে তবে সতর্কতা অব্যাহত আছে সরকারের পক্ষ থেকে জানানো হয়েছে যে সকল পদক্ষেপ যথাসময়ে বাস্তবায়ন করা হবে এবং জনগণের সহযোগিতা কামনা করা হয়েছে নিজস্ব প্রতিবেদক ঢাকা সোমবার সকালে জানানো হয় যে এই বিষয়ে সংশ্লিষ্ট কর্তৃপক্ষ প্রয়োজনীয় ব্যবস্থা গ্রহণ করেছে এবং আগামী সপ্তাহের মধ্যে বিস্তারিত প্রতিবেদন প্রকাশ করা হবে স্থানীয় বাসিন্দারা বলেন পরিস্থিতি এখন স্বাভাবিক রয়েছে তবে সতর্কতা অব্যাহত আছে সরকারের পক্ষ থেকে জানানো হয়েছে যে সকল পদক্ষেপ যথাসময়ে বাস্তবায়ন করা হবে এবং জনগণের সহযোগিতা কামনা করা হয়েছে নিজস্ব প্রতিবেদক ঢাকা সোমবার সকালে জানানো হয় যে এই বিষয়ে সংশ্লিষ্ট কর্তৃপক্ষ প্রয়োজনীয় ব্যবস্থা গ্রহণ করেছে এবং আগামী সপ্তাহের মধ্যে বিস্তারিত প্রতিবেদন প্রকাশ করা হবে স্থানীয় বাসিন্দারা বলেন পরিস্থিতি এখন স্বাভাবিক রয়েছে তবে সতর্কতা অব্যাহত আছে সরকারের পক্ষ থেকে জানানো হয়েছে যে সকল পদক্ষেপ যথাসময়ে বাস্তবায়ন করা হবে এবং জনগণের সহযোগিতা কামনা করা হয়েছে নিজস্ব প্রতিবেদক ঢাকা সোমবার সকালে জানানো হয় যে এই বিষয়ে সংশ্লিষ্ট কর্তৃপক্ষ প্রয়োজনীয় ব্যবস্থা গ্রহণ করেছে এবং আগামী সপ্তাহের মধ্যে বিস্তারিত প্রতিবেদন প্রকাশ করা হবে স্থানীয় বাসিন্দারা বলেন পরিস্থিতি এখন স্বাভাবিক রয়েছে তবে সতর্কতা অব্যাহত আছে সরকারের পক্ষ থেকে জানানো হয়েছে যে সকল পদক্ষেপ যথাসময়ে বাস্তবায়ন করা হবে এবং জনগণের সহযোগিতা কামনা করা হয়েছে নিজস্ব প্রতিবেদক ঢাকা সোমবার সকালে জানানো হয় যে এই বিষয়ে সংশ্লিষ্ট কর্তৃপক্ষ প্রয়োজনীয় ব্যবস্থা গ্রহণ করেছে এবং আগামী সপ্তাহের মধ্যে বিস্তারিত প্রতিবেদন প্রকাশ করা হবে স্থানীয় বাসিন্দারা বলেন পরিস্থিতি এখন স্বাভাবিক রয়েছে তবে সতর্কতা অব্যাহত আছে সরকারের পক্ষ থেকে জানানো হয়েছে যে সকল পদক্ষেপ যথাসময়ে বাস্তবায়ন করা হবে এবং জনগণের সহযোগিতা কামনা করা হয়েছে নিজস্ব প্রতিবেদক ঢাকা সোমবার সকালে জানানো হয় যে এই বিষয়ে সংশ্লিষ্ট কর্তৃপক্ষ প্রয়োজনীয় ব্যবস্থা গ্রহণ করেছে এবং আগামী সপ্তাহের মধ্যে বিস্তারিত প্রতিবেদন প্রকাশ করা হবে স্থানীয় বাসিন্দারা বলেন পরিস্থিতি এখন স্বাভাবিক রয়েছে তবে সতর্কতা অব্যাহত আছে সরকারের পক্ষ থেকে জানানো হয়েছে যে সকল পদক্ষেপ যথাসময়ে বাস্তবায়ন করা হবে এবং জনগণের সহযোগিতা কামনা করা হয়েছে নিজস্ব প্রতিবেদক ঢাকা সোমবার সকালে জানানো হয় যে এই বিষয়ে সংশ্লিষ্ট কর্তৃপক্ষ প্রয়োজনীয় ব্যবস্থা গ্রহণ করেছে এবং আগামী সপ্তাহের মধ্যে বিস্তারিত প্রতিবেদন প্রকাশ করা হবে স্থানীয় বাসিন্দারা বলেন পরিস্থিতি এখন স্বাভাবিক রয়েছে তবে সতর্কতা অব্যাহত আছে সরকারের পক্ষ থেকে জানানো হয়েছে যে সকল পদক্ষেপ যথাসময়ে বাস্তবায়ন করা হবে এবং জনগণের সহযোগিতা কামনা করা হয়েছে
নিজস্ব প্রতিবেদক ঢাকা সোমবার সকালে জানানো হয় যে এই বিষয়ে সংশ্লিষ্ট কর্তৃপক্ষ প্রয়োজনীয় ব্যবস্থা গ্রহণ করেছে এবং আগামী সপ্তাহের মধ্যে বিস্তারিত প্রতিবেদন প্রকাশ করা হবে স্থানীয় বাসিন্দারা বলেন পরিস্থিতি এখন স্বাভাবিক রয়েছে তবে সতর্কতা অব্যাহত আছে সরকারের পক্ষ থেকে জানানো হয়েছে যে সকল পদক্ষেপ যথাসময়ে বাস্তবায়ন করা হবে এবং জনগণের সহযোগিতা কামনা করা হয়েছে নিজস্ব প্রতিবেদক ঢাকা সোমবার সকালে জানানো হয় যে এই বিষয়ে সংশ্লিষ্ট কর্তৃপক্ষ প্রয়োজনীয় ব্যবস্থা গ্রহণ করেছে এবং আগামী সপ্তাহের মধ্যে বিস্তারিত প্রতিবেদন প্রকাশ করা হবে স্থানীয় বাসিন্দারা বলেন পরিস্থিতি এখন স্বাভাবিক রয়েছে তবে সতর্কতা অব্যাহত আছে সরকারের পক্ষ থেকে জানানো হয়েছে যে সকল পদক্ষেপ যথাসময়ে বাস্তবায়ন করা হবে এবং জনগণের সহযোগিতা কামনা করা হয়েছে নিজস্ব প্রতিবেদক ঢাকা সোমবার সকালে জানানো হয় যে এই বিষয়ে সংশ্লিষ্ট কর্তৃপক্ষ প্রয়োজনীয় ব্যবস্থা গ্রহণ করেছে এবং আগামী সপ্তাহের মধ্যে বিস্তারিত প্রতিবেদন প্রকাশ করা হবে স্থানীয় বাসিন্দারা বলেন পরিস্থিতি এখন স্বাভাবিক রয়েছে তবে সতর্কতা অব্যাহত আছে সরকারের পক্ষ থেকে জানানো হয়েছে যে সকল পদক্ষেপ যথাসময়ে বাস্তবায়ন করা হবে এবং জনগণের সহযোগিতা কামনা করা হয়েছে নিজস্ব প্রতিবেদক ঢাকা সোমবার সকালে জানানো হয় যে এই বিষয়ে সংশ্লিষ্ট কর্তৃপক্ষ প্রয়োজনীয় ব্যবস্থা গ্রহণ করেছে এবং আগামী সপ্তাহের মধ্যে বিস্তারিত প্রতিবেদন প্রকাশ করা হবে স্থানীয় বাসিন্দারা বলেন পরিস্থিতি এখন স্বাভাবিক রয়েছে তবে সতর্কতা অব্যাহত আছে সরকারের পক্ষ থেকে জানানো হয়েছে যে সকল পদক্ষেপ যথাসময়ে বাস্তবায়ন করা হবে এবং জনগণের সহযোগিতা কামনা করা হয়েছে নিজস্ব প্রতিবেদক ঢাকা সোমবার সকালে জানানো হয় যে এই বিষয়ে সংশ্লিষ্ট কর্তৃপক্ষ প্রয়োজনীয় ব্যবস্থা গ্রহণ করেছে এবং আগামী সপ্তাহের মধ্যে বিস্তারিত প্রতিবেদন প্রকাশ করা হবে স্থানীয় বাসিন্দারা বলেন পরিস্থিতি এখন স্বাভাবিক রয়েছে তবে সতর্কতা অব্যাহত আছে সরকারের পক্ষ থেকে জানানো হয়েছে যে সকল পদক্ষেপ যথাসময়ে বাস্তবায়ন করা হবে এবং জনগণের সহযোগিতা কামনা করা হয়েছে নিজস্ব প্রতিবেদক ঢাকা সোমবার সকালে জানানো হয় যে এই বিষয়ে সংশ্লিষ্ট কর্তৃপক্ষ প্রয়োজনীয় ব্যবস্থা গ্রহণ করেছে এবং আগামী সপ্তাহের মধ্যে বিস্তারিত প্রতিবেদন প্রকাশ করা হবে স্থানীয় বাসিন্দারা বলেন পরিস্থিতি এখন স্বাভাবিক রয়েছে তবে সতর্কতা অব্যাহত আছে সরকারের পক্ষ থেকে জানানো হয়েছে যে সকল পদক্ষেপ যথাসময়ে বাস্তবায়ন করা হবে এবং জনগণের সহযোগিতা কামনা করা হয়েছে নিজস্ব প্রতিবেদক ঢাকা সোমবার সকালে জানানো হয় যে এই বিষয়ে সংশ্লিষ্ট কর্তৃপক্ষ প্রয়োজনীয় ব্যবস্থা গ্রহণ করেছে এবং আগামী সপ্তাহের মধ্যে বিস্তারিত প্রতিবেদন প্রকাশ করা হবে স্থানীয় বাসিন্দারা বলেন পরিস্থিতি এখন স্বাভাবিক রয়েছে তবে সতর্কতা অব্যাহত আছে সরকারের পক্ষ থেকে জানানো হয়েছে যে সকল পদক্ষেপ যথাসময়ে বাস্তবায়ন করা হবে এবং জনগণের সহযোগিতা কামনা করা হয়েছে নিজস্ব প্রতিবেদক ঢাকা সোমবার সকালে জানানো হয় যে এই বিষয়ে সংশ্লিষ্ট কর্তৃপক্ষ প্রয়োজনীয় ব্যবস্থা গ্রহণ করেছে এবং আগামী সপ্তাহের মধ্যে বিস্তারিত প্রতিবেদন প্রকাশ করা হবে স্থানীয় বাসিন্দারা বলেন পরিস্থিতি এখন স্বাভাবিক রয়েছে তবে সতর্কতা অব্যাহত আছে সরকারের পক্ষ থেকে জানানো হয়েছে যে সকল পদক্ষেপ যথাসময়ে বাস্তবায়ন করা হবে এবং জনগণের সহযোগিতা কামনা করা হয়েছে নিজস্ব প্রতিবেদক ঢাকা সোমবার সকালে জানানো হয় যে এই বিষয়ে সংশ্লিষ্ট কর্তৃপক্ষ প্রয়োজনীয় ব্যবস্থা গ্রহণ করেছে এবং আগামী সপ্তাহের মধ্যে বিস্তারিত প্রতিবেদন প্রকাশ করা হবে স্থানীয় বাসিন্দারা বলেন পরিস্থিতি এখন স্বাভাবিক রয়েছে তবে সতর্কতা অব্যাহত আছে সরকারের পক্ষ থেকে জানানো হয়েছে যে সকল পদক্ষেপ যথাসময়ে বাস্তবায়ন করা হবে এবং জনগণের সহযোগিতা কামনা করা হয়েছে
আক্রম শুধু হিলাহ্‌ইবাহী চালাবাক
দেশ পৃষ্ঠার পর
নিজস্ব প্রতিবেদক ঢাকা সোমবার সকালে জানানো হয় যে এই বিষয়ে সংশ্লিষ্ট কর্তৃপক্ষ প্রয়োজনীয় ব্যবস্থা গ্রহণ করেছে এবং আগামী সপ্তাহের মধ্যে বিস্তারিত প্রতিবেদন প্রকাশ করা হবে স্থানীয় বাসিন্দারা বলেন পরিস্থিতি এখন স্বাভাবিক রয়েছে তবে সতর্কতা অব্যাহত আছে সরকারের পক্ষ থেকে জানানো হয়েছে যে সকল পদক্ষেপ যথাসময়ে বাস্তবায়ন করা হবে এবং জনগণের সহযোগিতা কামনা করা হয়েছে নিজস্ব প্রতিবেদক ঢাকা সোমবার সকালে জানানো হয় যে এই বিষয়ে সংশ্লিষ্ট কর্তৃপক্ষ প্রয়োজনীয় ব্যবস্থা গ্রহণ করেছে এবং আগামী সপ্তাহের মধ্যে বিস্তারিত প্রতিবেদন প্রকাশ করা হবে স্থানীয় বাসিন্দারা বলেন পরিস্থিতি এখন স্বাভাবিক রয়েছে তবে সতর্কতা অব্যাহত আছে সরকারের পক্ষ থেকে জানানো হয়েছে যে সকল পদক্ষেপ যথাসময়ে বাস্তবায়ন করা হবে এবং জনগণের সহযোগিতা কামনা করা হয়েছে নিজস্ব প্রতিবেদক ঢাকা সোমবার সকালে জানানো হয় যে এই বিষয়ে সংশ্লিষ্ট কর্তৃপক্ষ প্রয়োজনীয় ব্যবস্থা গ্রহণ করেছে এবং আগামী সপ্তাহের মধ্যে বিস্তারিত প্রতিবেদন প্রকাশ করা হবে স্থানীয় বাসিন্দারা বলেন পরিস্থিতি এখন স্বাভাবিক রয়েছে তবে সতর্কতা অব্যাহত আছে সরকারের পক্ষ থেকে জানানো হয়েছে যে সকল পদক্ষেপ যথাসময়ে বাস্তবায়ন করা হবে এবং জনগণের সহযোগিতা কামনা করা হয়েছে নিজস্ব প্রতিবেদক ঢাকা সোমবার সকালে
ইরান যুদ্ধের জেরে ৩ দিনে
দেশ পৃষ্ঠার পর
নিজস্ব প্রতিবেদক ঢাকা সোমবার সকালে জানানো হয় যে এই বিষয়ে সংশ্লিষ্ট কর্তৃপক্ষ প্রয়োজনীয় ব্যবস্থা গ্রহণ করেছে এবং আগামী সপ্তাহের মধ্যে বিস্তারিত প্রতিবেদন প্রকাশ করা হবে স্থানীয় বাসিন্দারা বলেন পরিস্থিতি এখন স্বাভাবিক রয়েছে তবে সতর্কতা অব্যাহত আছে সরকারের পক্ষ থেকে জানানো হয়েছে যে সকল পদক্ষেপ যথাসময়ে বাস্তবায়ন করা হবে এবং জনগণের সহযোগিতা কামনা করা হয়েছে নিজস্ব প্রতিবেদক ঢাকা সোমবার সকালে জানানো হয় যে এই বিষয়ে সংশ্লিষ্ট কর্তৃপক্ষ প্রয়োজনীয় ব্যবস্থা গ্রহণ করেছে এবং আগামী সপ্তাহের মধ্যে বিস্তারিত প্রতিবেদন প্রকাশ করা হবে স্থানীয় বাসিন্দারা বলেন পরিস্থিতি এখন স্বাভাবিক রয়েছে তবে সতর্কতা অব্যাহত আছে সরকারের পক্ষ থেকে জানানো হয়েছে যে সকল পদক্ষেপ যথাসময়ে বাস্তবায়ন করা হবে এবং জনগণের সহযোগিতা কামনা করা হয়েছে নিজস্ব প্রতিবেদক ঢাকা সোমবার সকালে জানানো হয় যে এই বিষয়ে সংশ্লিষ্ট কর্তৃপক্ষ প্রয়োজনীয় ব্যবস্থা গ্রহণ করেছে এবং আগামী সপ্তাহের মধ্যে বিস্তারিত প্রতিবেদন প্রকাশ করা হবে স্থানীয় বাসিন্দারা বলেন পরিস্থিতি এখন স্বাভাবিক রয়েছে তবে সতর্কতা অব্যাহত আছে সরকারের পক্ষ
সব নতুন বইয়ের ট্রেইল
দেশ পৃষ্ঠার পর
নিজস্ব প্রতিবেদক ঢাকা সোমবার সকালে জানানো হয় যে এই বিষয়ে সংশ্লিষ্ট কর্তৃপক্ষ প্রয়োজনীয় ব্যবস্থা গ্রহণ করেছে এবং আগামী সপ্তাহের মধ্যে বিস্তারিত প্রতিবেদন প্রকাশ করা হবে স্থানীয় বাসিন্দারা বলেন পরিস্থিতি এখন স্বাভাবিক রয়েছে তবে সতর্কতা অব্যাহত আছে সরকারের পক্ষ থেকে জানানো হয়েছে যে সকল পদক্ষেপ যথাসময়ে বাস্তবায়ন করা হবে এবং জনগণের সহযোগিতা কামনা করা হয়েছে নিজস্ব প্রতিবেদক ঢাকা সোমবার সকালে জানানো হয় যে এই বিষয়ে সংশ্লিষ্ট কর্তৃপক্ষ প্রয়োজনীয় ব্যবস্থা গ্রহণ করেছে এবং আগামী সপ্তাহের মধ্যে বিস্তারিত প্রতিবেদন প্রকাশ করা হবে স্থানীয় বাসিন্দারা বলেন পরিস্থিতি এখন স্বাভাবিক রয়েছে তবে সতর্কতা অব্যাহত আছে সরকারের পক্ষ থেকে জানানো হয়েছে যে সকল পদক্ষেপ যথাসময়ে বাস্তবায়ন করা হবে এবং জনগণের সহযোগিতা কামনা করা হয়েছে নিজস্ব প্রতিবেদক ঢাকা সোমবার সকালে জানানো হয় যে এই বিষয়ে সংশ্লিষ্ট কর্তৃপক্ষ প্রয়োজনীয় ব্যবস্থা গ্রহণ করেছে এবং আগামী সপ্তাহের মধ্যে বিস্তারিত প্রতিবেদন প্রকাশ করা হবে স্থানীয় বাসিন্দারা বলেন পরিস্থিতি এখন স্বাভাবিক রয়েছে তবে সতর্কতা অব্যাহত আছে সরকারের পক্ষ থেকে জানানো হয়েছে যে সকল পদক্ষেপ যথাসময়ে বাস্তবায়ন করা হবে এবং জনগণের সহযোগিতা কামনা করা হয়েছে নিজস্ব প্রতিবেদক ঢাকা সোমবার সকালে
পুরান ঢাকার ইফতারে পরিবর্তনের
দেশ পৃষ্ঠার পর
নিজস্ব প্রতিবেদক ঢাকা সোমবার সকালে জানানো হয় যে এই বিষয়ে সংশ্লিষ্ট কর্তৃপক্ষ প্রয়োজনীয় ব্যবস্থা গ্রহণ করেছে এবং আগামী সপ্তাহের মধ্যে বিস্তারিত প্রতিবেদন প্রকাশ করা হবে স্থানীয় বাসিন্দারা বলেন পরিস্থিতি এখন স্বাভাবিক রয়েছে তবে সতর্কতা অব্যাহত আছে সরকারের পক্ষ থেকে জানানো হয়েছে যে সকল পদক্ষেপ যথাসময়ে বাস্তবায়ন করা হবে এবং জনগণের সহযোগিতা কামনা করা হয়েছে নিজস্ব প্রতিবেদক ঢাকা সোমবার সকালে জানানো হয় যে এই বিষয়ে সংশ্লিষ্ট কর্তৃপক্ষ প্রয়োজনীয় ব্যবস্থা গ্রহণ করেছে এবং আগামী সপ্তাহের মধ্যে বিস্তারিত প্রতিবেদন প্রকাশ করা হবে স্থানীয় বাসিন্দারা বলেন পরিস্থিতি এখন স্বাভাবিক রয়েছে তবে সতর্কতা অব্যাহত আছে সরকারের পক্ষ থেকে জানানো হয়েছে যে সকল পদক্ষেপ যথাসময়ে বাস্তবায়ন করা হবে এবং জনগণের সহযোগিতা কামনা করা হয়েছে নিজস্ব প্রতিবেদক ঢাকা সোমবার সকালে জানানো হয় যে এই বিষয়ে সংশ্লিষ্ট কর্তৃপক্ষ প্রয়োজনীয় ব্যবস্থা গ্রহণ করেছে এবং আগামী সপ্তাহের মধ্যে বিস্তারিত প্রতিবেদন প্রকাশ করা হবে স্থানীয় বাসিন্দারা বলেন পরিস্থিতি এখন স্বাভাবিক রয়েছে তবে সতর্কতা অব্যাহত আছে সরকারের পক্ষ থেকে জানানো হয়েছে যে সকল পদক্ষেপ যথাসময়ে বাস্তবায়ন করা হবে এবং জনগণের সহযোগিতা কামনা করা হয়েছে নিজস্ব প্রতিবেদক ঢাকা সোমবার সকালে জানানো হয় যে এই বিষয়ে সংশ্লিষ্ট কর্তৃপক্ষ প্রয়োজনীয় ব্যবস্থা গ্রহণ করেছে এবং আগামী সপ্তাহের মধ্যে বিস্তারিত প্রতিবেদন প্রকাশ করা হবে স্থানীয় বাসিন্দারা বলেন পরিস্থিতি এখন স্বাভাবিক রয়েছে তবে সতর্কতা অব্যাহত আছে সরকারের পক্ষ থেকে জানানো হয়েছে যে সকল পদক্ষেপ যথাসময়ে বাস্তবায়ন করা হবে এবং জনগণের সহযোগিতা কামনা করা হয়েছে নিজস্ব প্রতিবেদক ঢাকা সোমবার সকালে জানানো হয় যে এই বিষয়ে সংশ্লিষ্ট কর্তৃপক্ষ প্রয়োজনীয় ব্যবস্থা গ্রহণ ক
সিরাজগঞ্জে আ.লীগ-বিএনপির
দেশ পৃষ্ঠার পর
নিজস্ব প্রতিবেদক ঢাকা সোমবার সকালে জানানো হয় যে এই বিষয়ে সংশ্লিষ্ট ক
